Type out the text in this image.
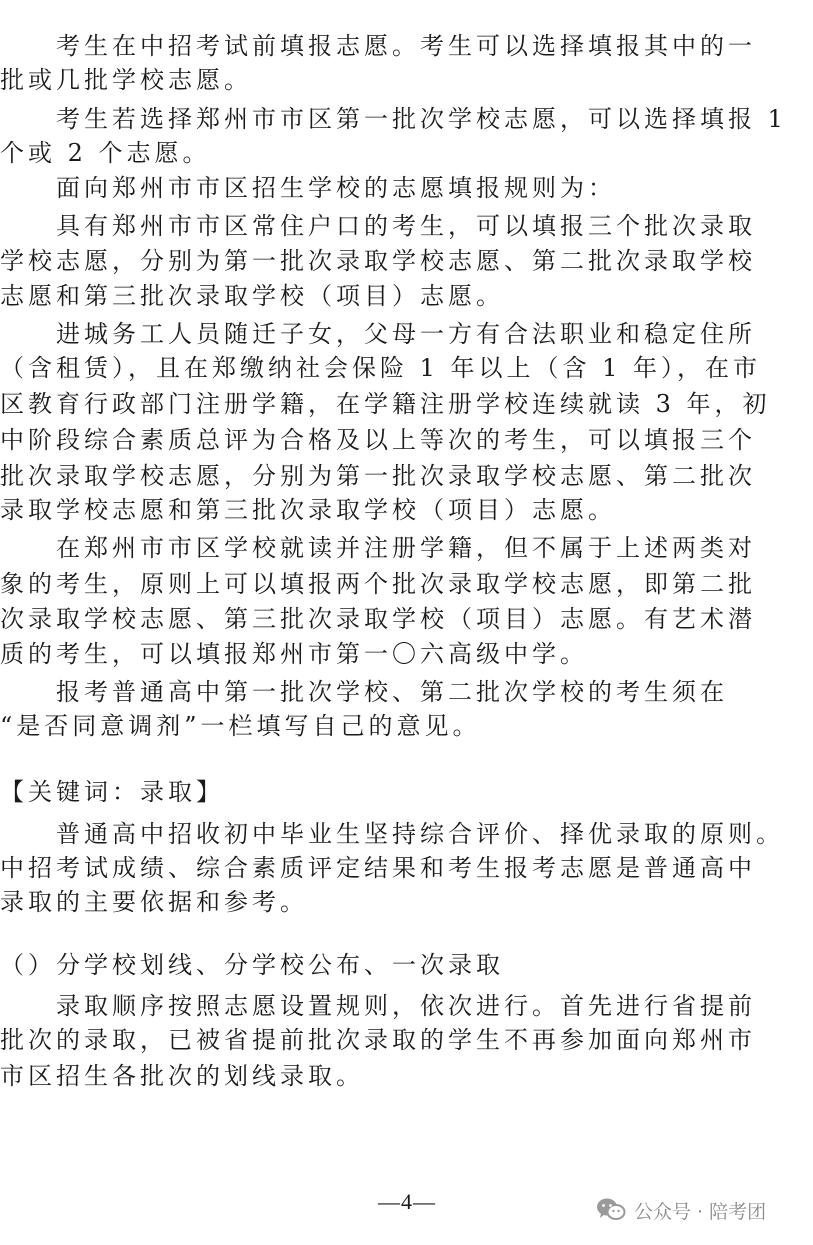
　　考生在中招考试前填报志愿。考生可以选择填报其中的一
批或几批学校志愿。
　　考生若选择郑州市市区第一批次学校志愿，可以选择填报 1
个或 2 个志愿。
　　面向郑州市市区招生学校的志愿填报规则为：
　　具有郑州市市区常住户口的考生，可以填报三个批次录取
学校志愿，分别为第一批次录取学校志愿、第二批次录取学校
志愿和第三批次录取学校（项目）志愿。
　　进城务工人员随迁子女，父母一方有合法职业和稳定住所
（含租赁），且在郑缴纳社会保险 1 年以上（含 1 年），在市
区教育行政部门注册学籍，在学籍注册学校连续就读 3 年，初
中阶段综合素质总评为合格及以上等次的考生，可以填报三个
批次录取学校志愿，分别为第一批次录取学校志愿、第二批次
录取学校志愿和第三批次录取学校（项目）志愿。
　　在郑州市市区学校就读并注册学籍，但不属于上述两类对
象的考生，原则上可以填报两个批次录取学校志愿，即第二批
次录取学校志愿、第三批次录取学校（项目）志愿。有艺术潜
质的考生，可以填报郑州市第一〇六高级中学。
　　报考普通高中第一批次学校、第二批次学校的考生须在
“是否同意调剂”一栏填写自己的意见。
【关键词：录取】
　　普通高中招收初中毕业生坚持综合评价、择优录取的原则。
中招考试成绩、综合素质评定结果和考生报考志愿是普通高中
录取的主要依据和参考。
（）分学校划线、分学校公布、一次录取
　　录取顺序按照志愿设置规则，依次进行。首先进行省提前
批次的录取，已被省提前批次录取的学生不再参加面向郑州市
市区招生各批次的划线录取。
—4—	公众号 · 陪考团
